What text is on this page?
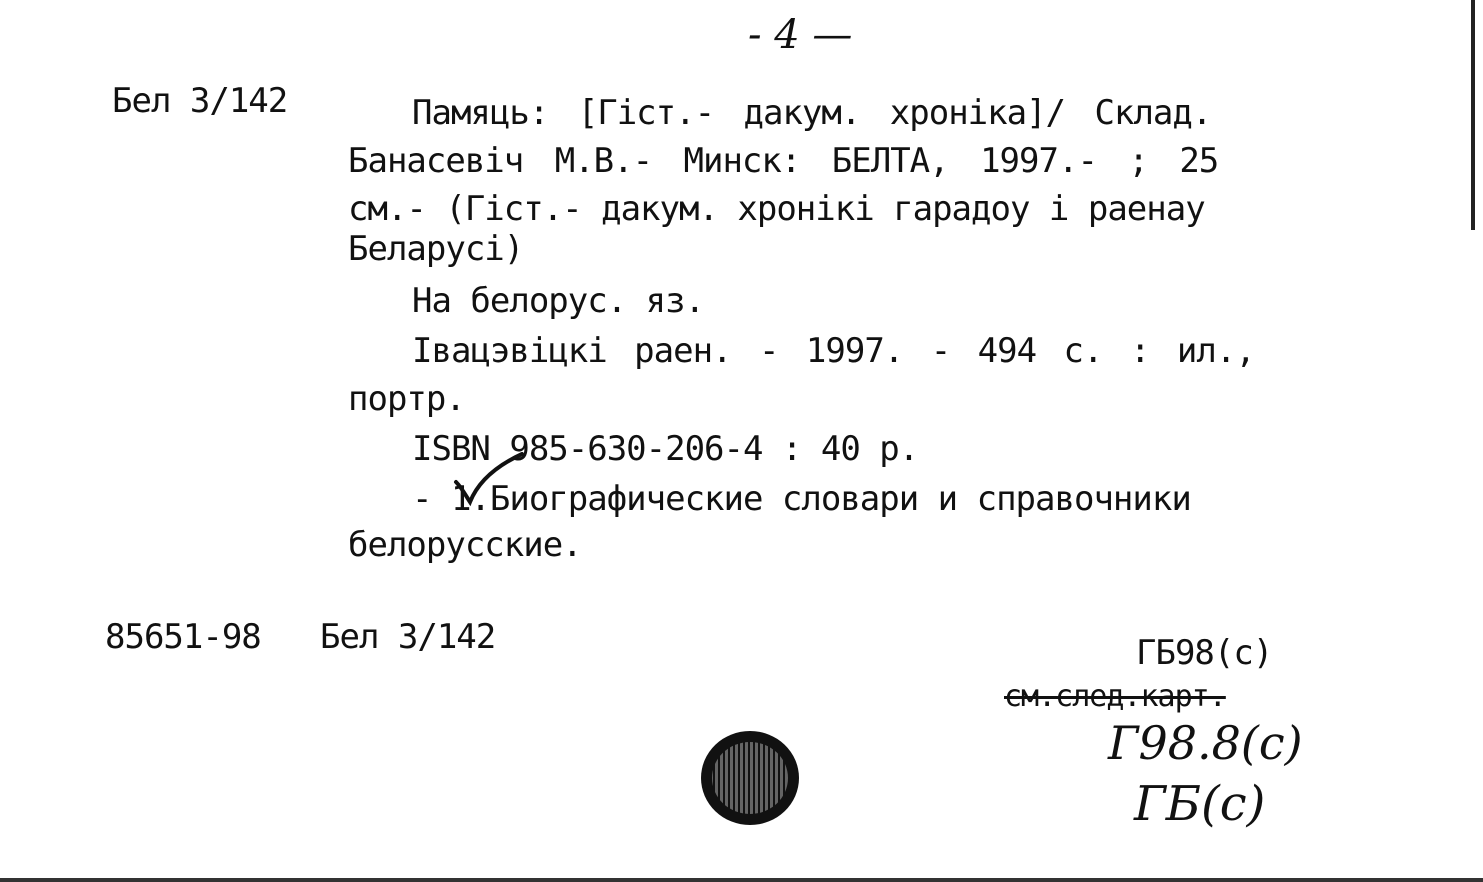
- 4 —
Бел 3/142	Памяць: [Гіст.- дакум. хроніка]/ Склад.
Банасевіч М.В.- Минск: БЕЛТА, 1997.- ; 25
см.- (Гіст.- дакум. хронікі гарадоу і раенау
Беларусі)
На белорус. яз.
Івацэвіцкі раен. - 1997. - 494 с. : ил.,
портр.
ISBN 985-630-206-4 : 40 р.
- 1.Биографические словари и справочники
белорусские.
85651-98 Бел 3/142	ГБ98(с)
см.след.карт.
Г98.8(с)
ГБ(с)
